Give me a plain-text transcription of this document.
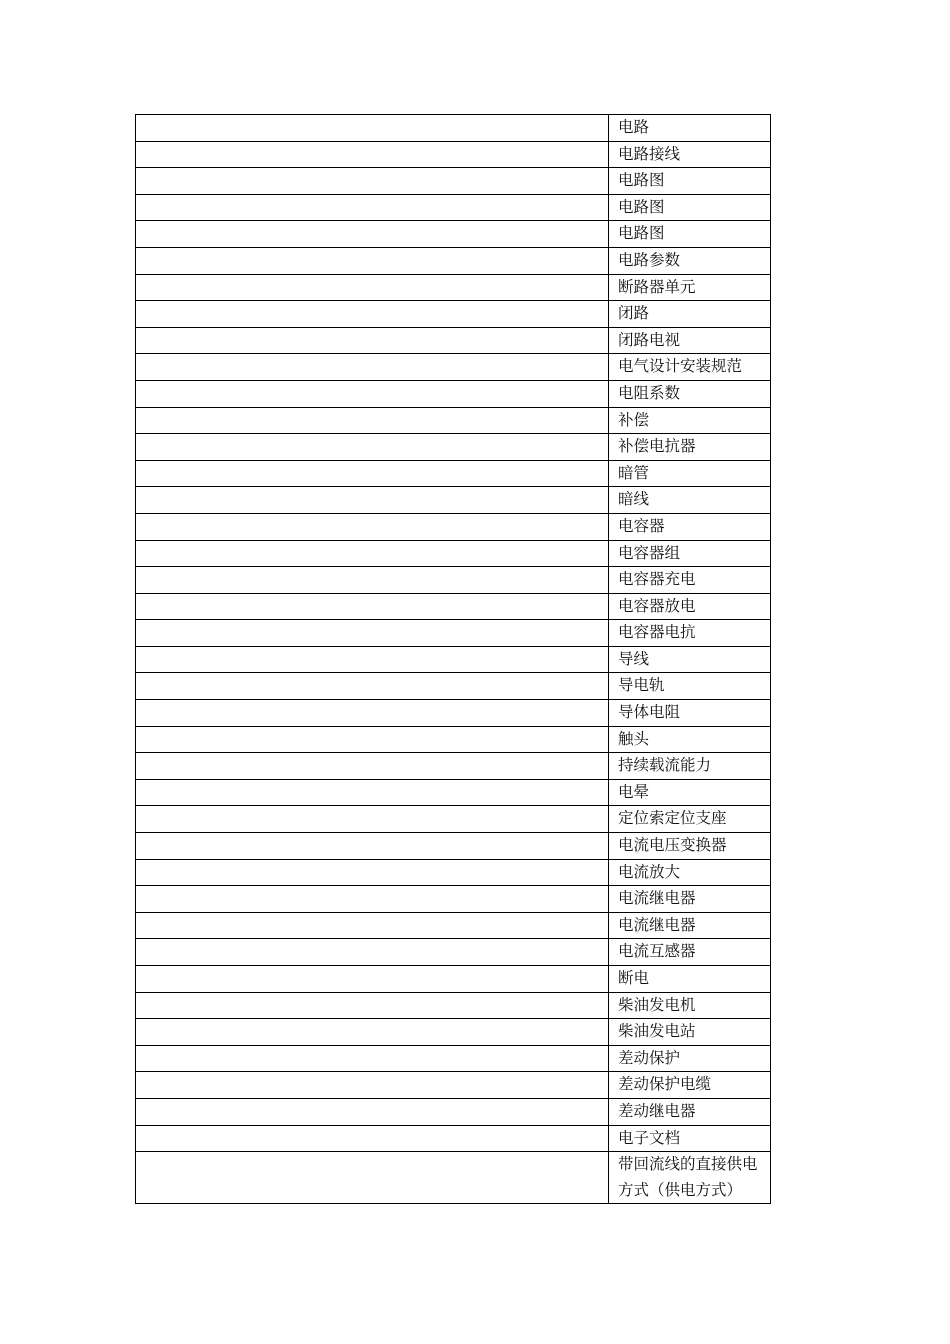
	电路
	电路接线
	电路图
	电路图
	电路图
	电路参数
	断路器单元
	闭路
	闭路电视
	电气设计安装规范
	电阻系数
	补偿
	补偿电抗器
	暗管
	暗线
	电容器
	电容器组
	电容器充电
	电容器放电
	电容器电抗
	导线
	导电轨
	导体电阻
	触头
	持续载流能力
	电晕
	定位索定位支座
	电流电压变换器
	电流放大
	电流继电器
	电流继电器
	电流互感器
	断电
	柴油发电机
	柴油发电站
	差动保护
	差动保护电缆
	差动继电器
	电子文档
	带回流线的直接供电方式（供电方式）
